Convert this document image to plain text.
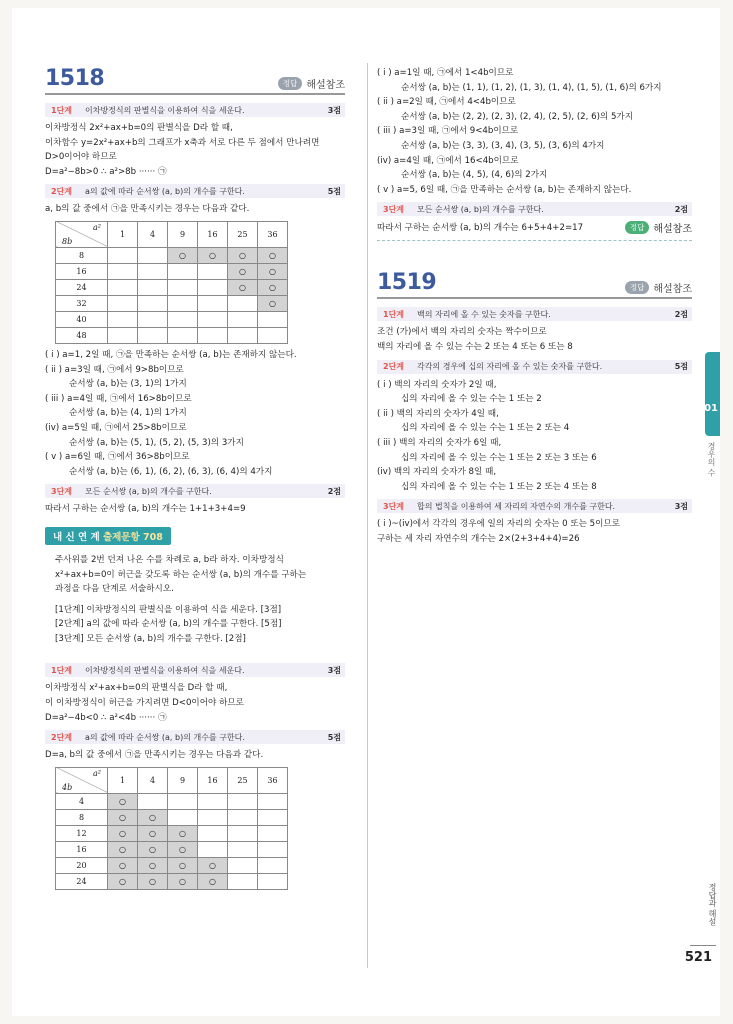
1518	정답 해설참조
1단계	이차방정식의 판별식을 이용하여 식을 세운다.	3점
이차방정식 2x²+ax+b=0의 판별식을 D라 할 때,
이차함수 y=2x²+ax+b의 그래프가 x축과 서로 다른 두 점에서 만나려면
D>0이어야 하므로
D=a²−8b>0 ∴ a²>8b ······ ㉠
2단계	a의 값에 따라 순서쌍 (a, b)의 개수를 구한다.	5점
a, b의 값 중에서 ㉠을 만족시키는 경우는 다음과 같다.
a²
8b	1	4	9	16	25	36
8			○	○	○	○
16					○	○
24					○	○
32						○
40						
48						
( i ) a=1, 2일 때, ㉠을 만족하는 순서쌍 (a, b)는 존재하지 않는다.
( ii ) a=3일 때, ㉠에서 9>8b이므로
순서쌍 (a, b)는 (3, 1)의 1가지
( iii ) a=4일 때, ㉠에서 16>8b이므로
순서쌍 (a, b)는 (4, 1)의 1가지
(iv) a=5일 때, ㉠에서 25>8b이므로
순서쌍 (a, b)는 (5, 1), (5, 2), (5, 3)의 3가지
( v ) a=6일 때, ㉠에서 36>8b이므로
순서쌍 (a, b)는 (6, 1), (6, 2), (6, 3), (6, 4)의 4가지
3단계	모든 순서쌍 (a, b)의 개수를 구한다.	2점
따라서 구하는 순서쌍 (a, b)의 개수는 1+1+3+4=9
내 신 연 계 출제문항 708
주사위를 2번 던져 나온 수를 차례로 a, b라 하자. 이차방정식
x²+ax+b=0이 허근을 갖도록 하는 순서쌍 (a, b)의 개수를 구하는
과정을 다음 단계로 서술하시오.
[1단계] 이차방정식의 판별식을 이용하여 식을 세운다. [3점]
[2단계] a의 값에 따라 순서쌍 (a, b)의 개수를 구한다. [5점]
[3단계] 모든 순서쌍 (a, b)의 개수를 구한다. [2점]
1단계	이차방정식의 판별식을 이용하여 식을 세운다.	3점
이차방정식 x²+ax+b=0의 판별식을 D라 할 때,
이 이차방정식이 허근을 가지려면 D<0이어야 하므로
D=a²−4b<0 ∴ a²<4b ······ ㉠
2단계	a의 값에 따라 순서쌍 (a, b)의 개수를 구한다.	5점
D=a, b의 값 중에서 ㉠을 만족시키는 경우는 다음과 같다.
a²
4b	1	4	9	16	25	36
4	○					
8	○	○				
12	○	○	○			
16	○	○	○			
20	○	○	○	○		
24	○	○	○	○		
( i ) a=1일 때, ㉠에서 1<4b이므로
순서쌍 (a, b)는 (1, 1), (1, 2), (1, 3), (1, 4), (1, 5), (1, 6)의 6가지
( ii ) a=2일 때, ㉠에서 4<4b이므로
순서쌍 (a, b)는 (2, 2), (2, 3), (2, 4), (2, 5), (2, 6)의 5가지
( iii ) a=3일 때, ㉠에서 9<4b이므로
순서쌍 (a, b)는 (3, 3), (3, 4), (3, 5), (3, 6)의 4가지
(iv) a=4일 때, ㉠에서 16<4b이므로
순서쌍 (a, b)는 (4, 5), (4, 6)의 2가지
( v ) a=5, 6일 때, ㉠을 만족하는 순서쌍 (a, b)는 존재하지 않는다.
3단계	모든 순서쌍 (a, b)의 개수를 구한다.	2점
따라서 구하는 순서쌍 (a, b)의 개수는 6+5+4+2=17	정답 해설참조
1519	정답 해설참조
1단계	백의 자리에 올 수 있는 숫자를 구한다.	2점
조건 (가)에서 백의 자리의 숫자는 짝수이므로
백의 자리에 올 수 있는 수는 2 또는 4 또는 6 또는 8
2단계	각각의 경우에 십의 자리에 올 수 있는 숫자를 구한다.	5점
( i ) 백의 자리의 숫자가 2일 때,
십의 자리에 올 수 있는 수는 1 또는 2
( ii ) 백의 자리의 숫자가 4일 때,
십의 자리에 올 수 있는 수는 1 또는 2 또는 4
( iii ) 백의 자리의 숫자가 6일 때,
십의 자리에 올 수 있는 수는 1 또는 2 또는 3 또는 6
(iv) 백의 자리의 숫자가 8일 때,
십의 자리에 올 수 있는 수는 1 또는 2 또는 4 또는 8
3단계	합의 법칙을 이용하여 세 자리의 자연수의 개수를 구한다.	3점
( i )~(iv)에서 각각의 경우에 일의 자리의 숫자는 0 또는 5이므로
구하는 세 자리 자연수의 개수는 2×(2+3+4+4)=26
01
경우의 수
정답과 해설
521
